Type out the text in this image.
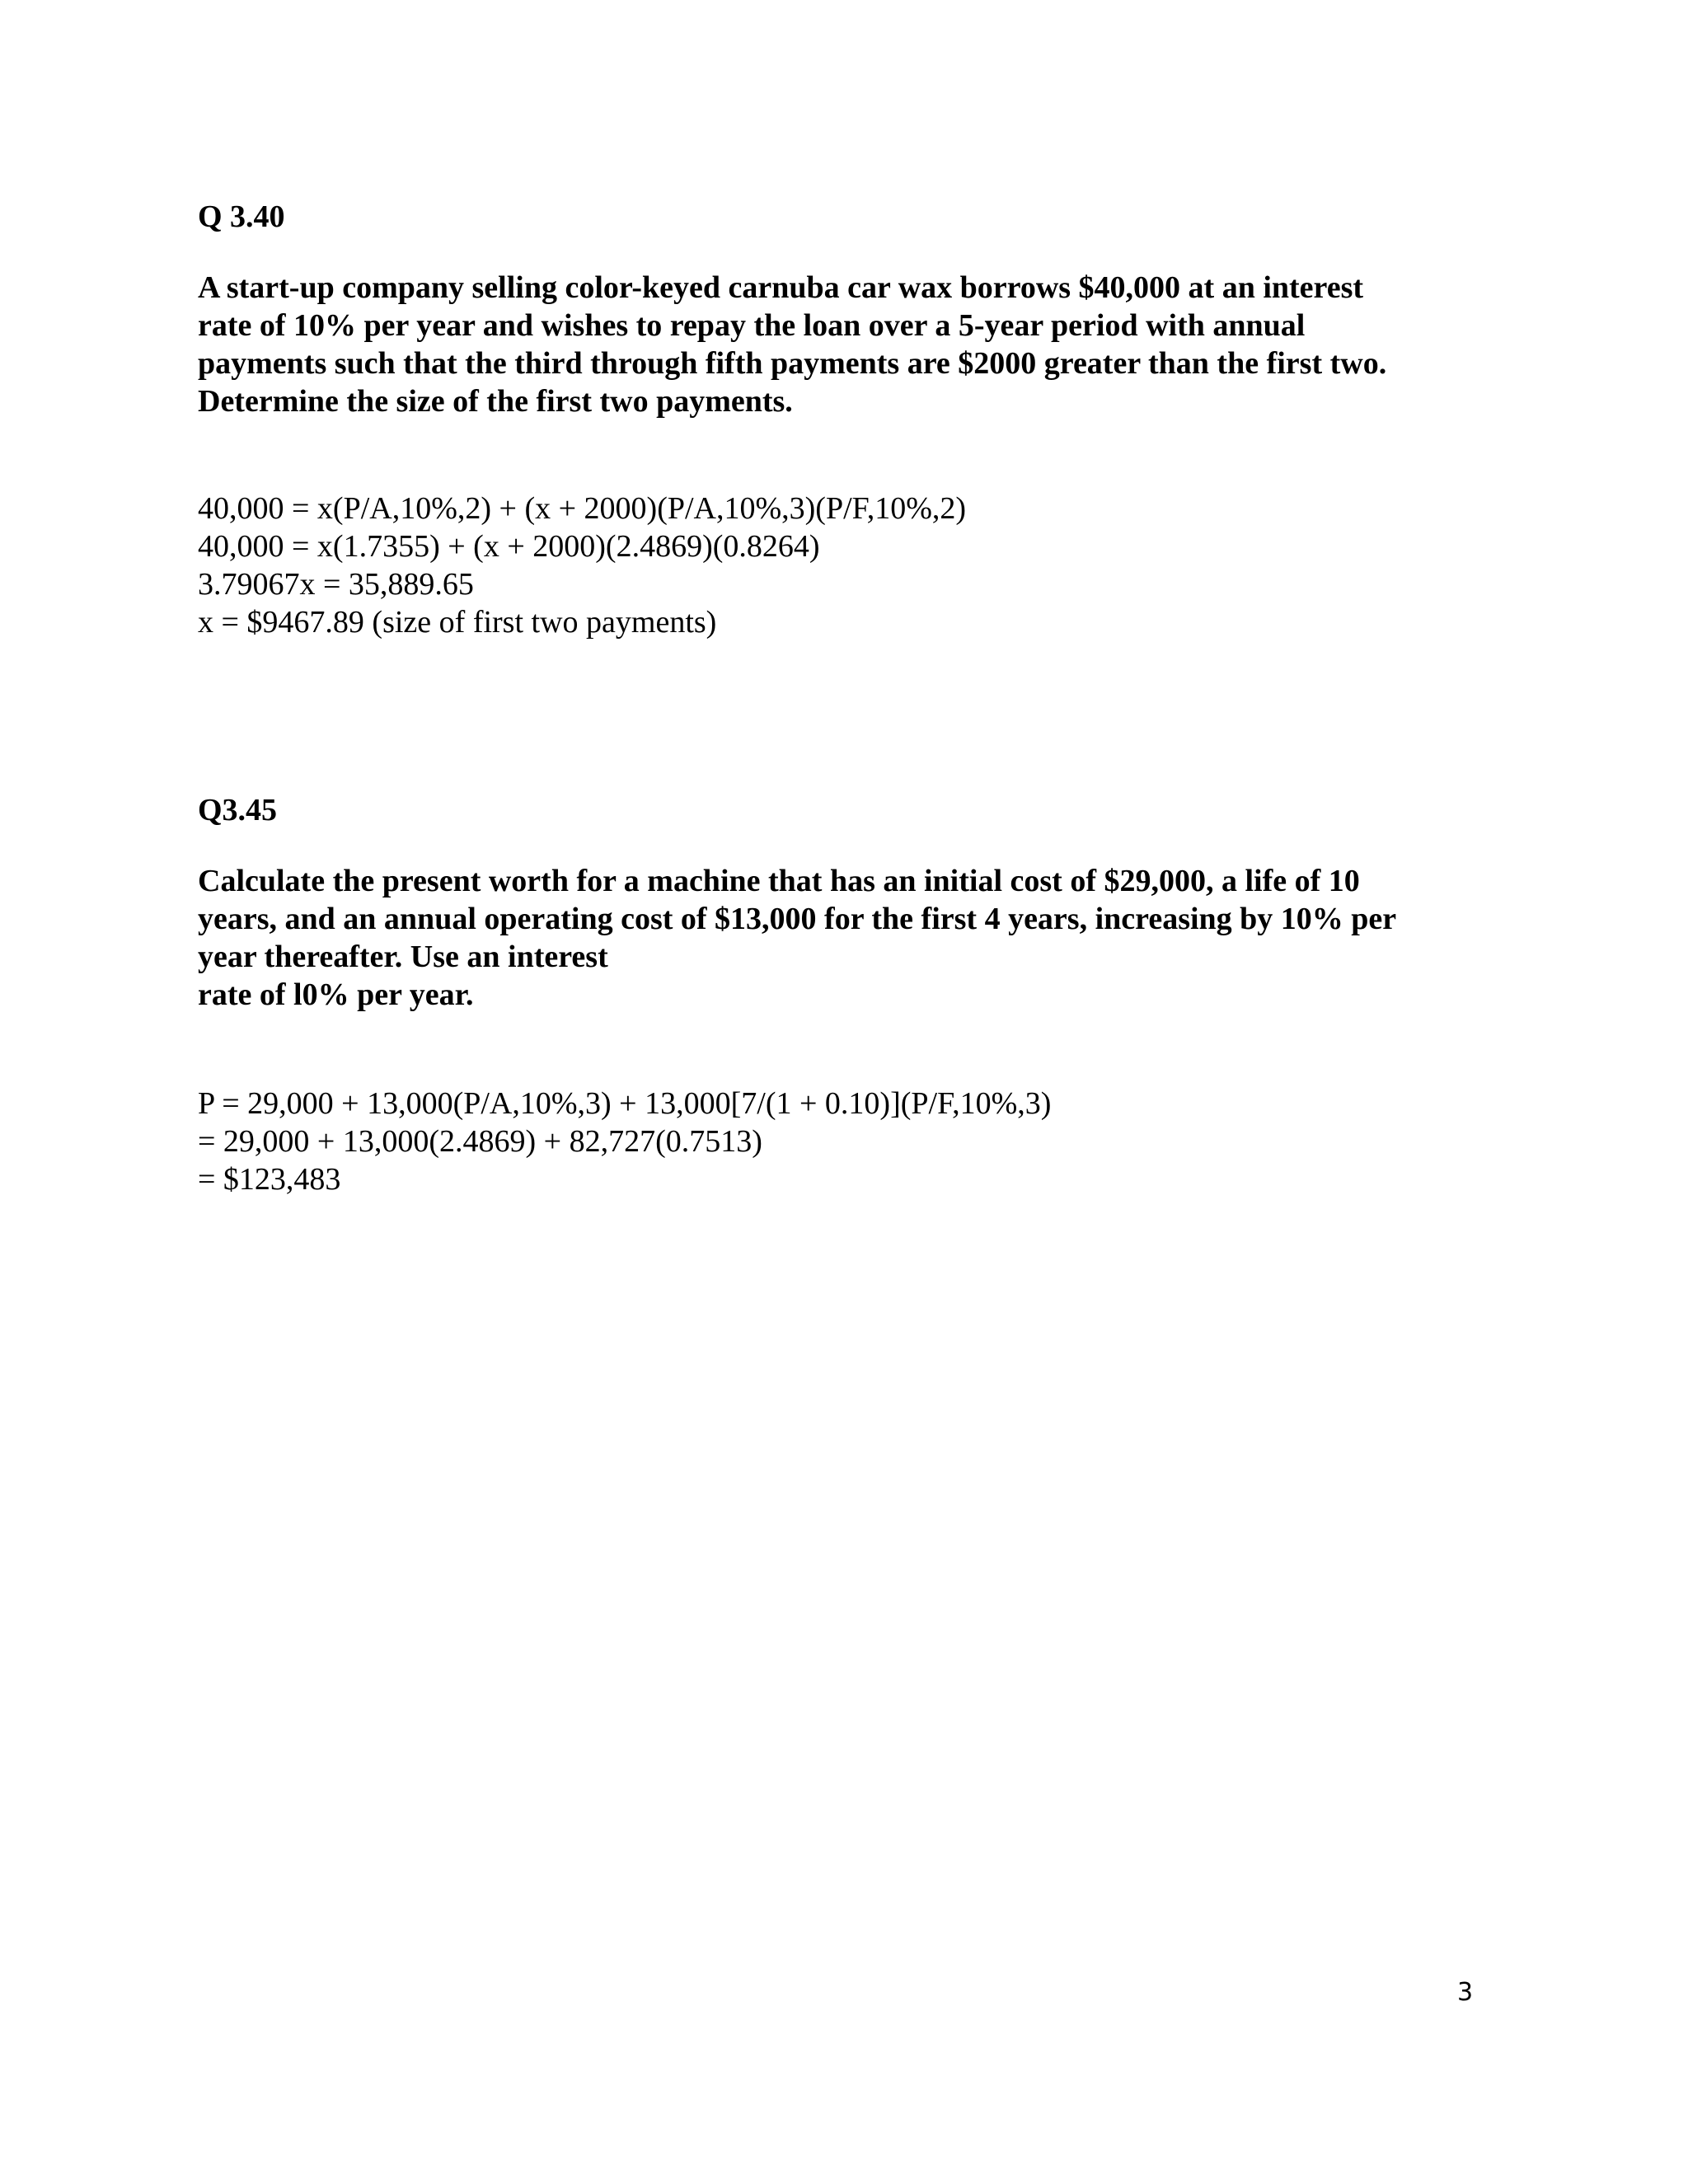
Q 3.40
A start-up company selling color-keyed carnuba car wax borrows $40,000 at an interest
rate of 10% per year and wishes to repay the loan over a 5-year period with annual
payments such that the third through fifth payments are $2000 greater than the first two.
Determine the size of the first two payments.
40,000 = x(P/A,10%,2) + (x + 2000)(P/A,10%,3)(P/F,10%,2)
40,000 = x(1.7355) + (x + 2000)(2.4869)(0.8264)
3.79067x = 35,889.65
x = $9467.89 (size of first two payments)
Q3.45
Calculate the present worth for a machine that has an initial cost of $29,000, a life of 10
years, and an annual operating cost of $13,000 for the first 4 years, increasing by 10% per
year thereafter. Use an interest
rate of l0% per year.
P = 29,000 + 13,000(P/A,10%,3) + 13,000[7/(1 + 0.10)](P/F,10%,3)
= 29,000 + 13,000(2.4869) + 82,727(0.7513)
= $123,483
3
